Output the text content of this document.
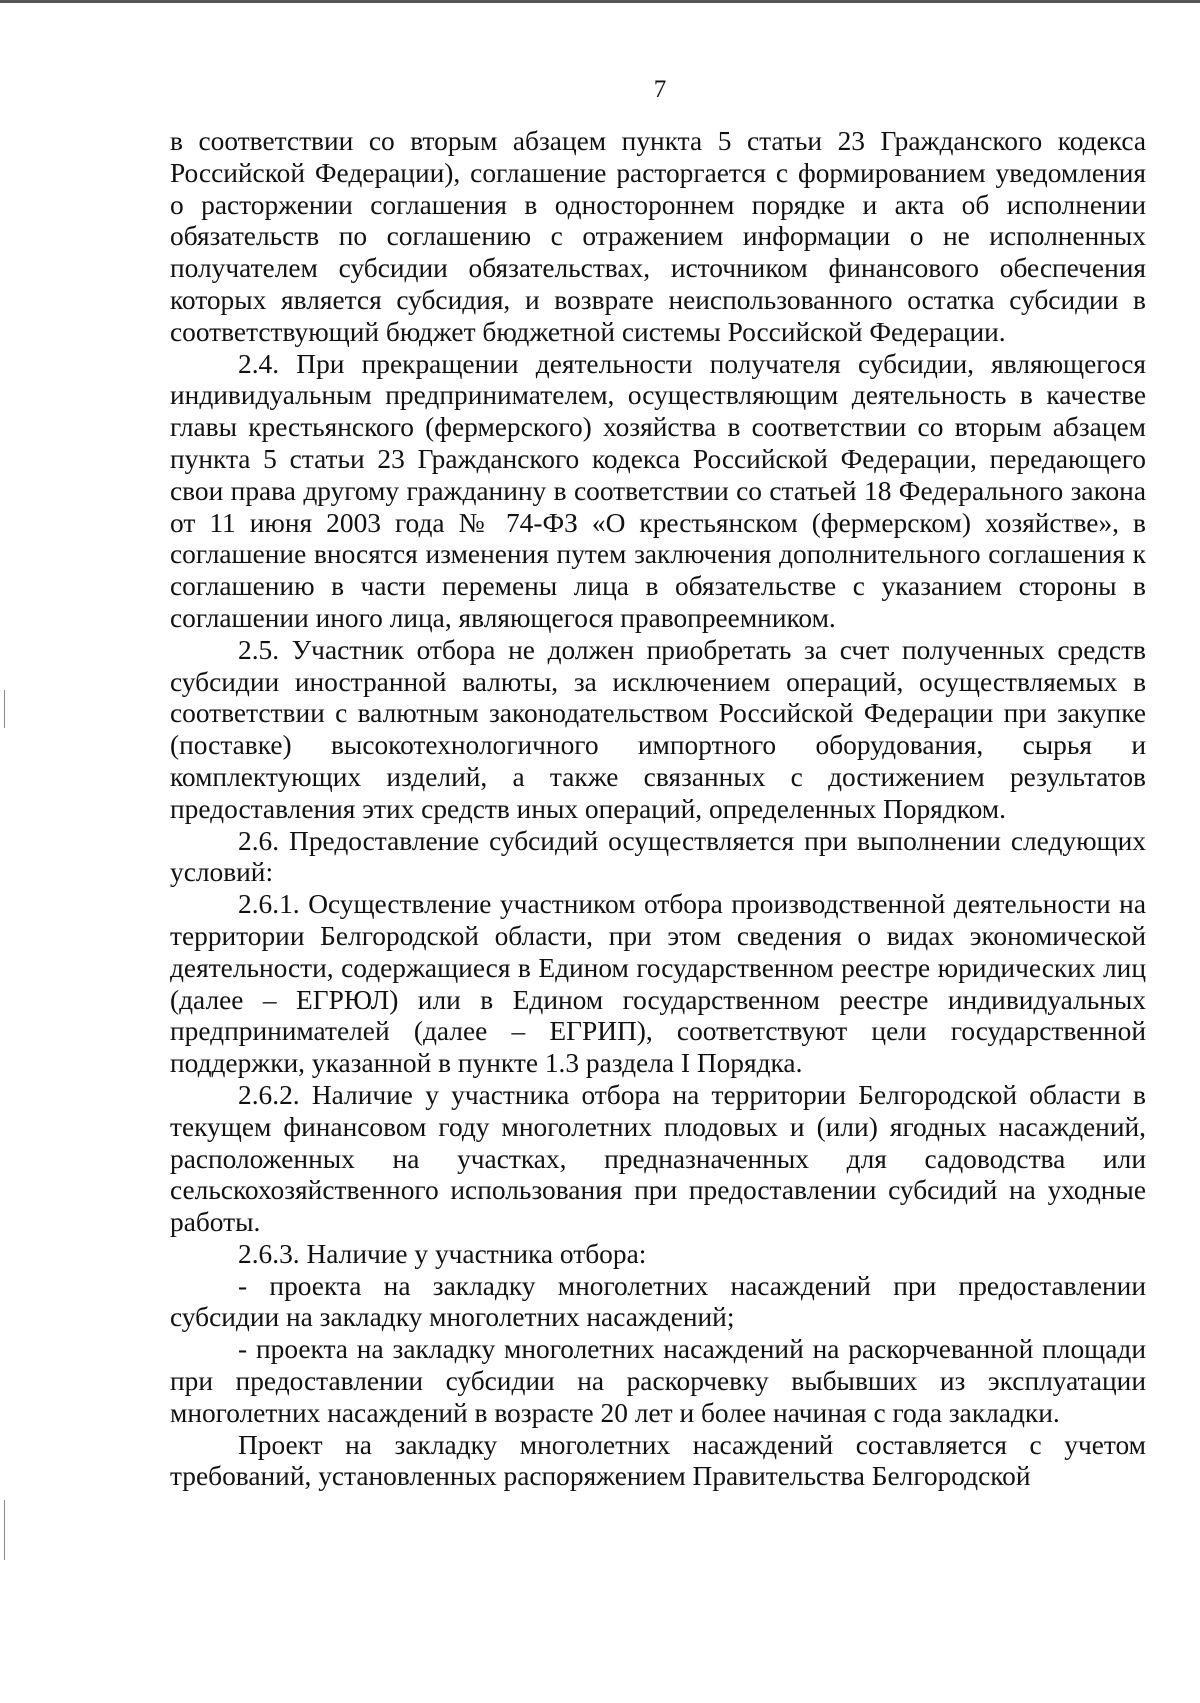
7

в соответствии со вторым абзацем пункта 5 статьи 23 Гражданского кодекса Российской Федерации), соглашение расторгается с формированием уведомления о расторжении соглашения в одностороннем порядке и акта об исполнении обязательств по соглашению с отражением информации о не исполненных получателем субсидии обязательствах, источником финансового обеспечения которых является субсидия, и возврате неиспользованного остатка субсидии в соответствующий бюджет бюджетной системы Российской Федерации.

2.4. При прекращении деятельности получателя субсидии, являющегося индивидуальным предпринимателем, осуществляющим деятельность в качестве главы крестьянского (фермерского) хозяйства в соответствии со вторым абзацем пункта 5 статьи 23 Гражданского кодекса Российской Федерации, передающего свои права другому гражданину в соответствии со статьей 18 Федерального закона от 11 июня 2003 года № 74-ФЗ «О крестьянском (фермерском) хозяйстве», в соглашение вносятся изменения путем заключения дополнительного соглашения к соглашению в части перемены лица в обязательстве с указанием стороны в соглашении иного лица, являющегося правопреемником.

2.5. Участник отбора не должен приобретать за счет полученных средств субсидии иностранной валюты, за исключением операций, осуществляемых в соответствии с валютным законодательством Российской Федерации при закупке (поставке) высокотехнологичного импортного оборудования, сырья и комплектующих изделий, а также связанных с достижением результатов предоставления этих средств иных операций, определенных Порядком.

2.6. Предоставление субсидий осуществляется при выполнении следующих условий:

2.6.1. Осуществление участником отбора производственной деятельности на территории Белгородской области, при этом сведения о видах экономической деятельности, содержащиеся в Едином государственном реестре юридических лиц (далее – ЕГРЮЛ) или в Едином государственном реестре индивидуальных предпринимателей (далее – ЕГРИП), соответствуют цели государственной поддержки, указанной в пункте 1.3 раздела I Порядка.

2.6.2. Наличие у участника отбора на территории Белгородской области в текущем финансовом году многолетних плодовых и (или) ягодных насаждений, расположенных на участках, предназначенных для садоводства или сельскохозяйственного использования при предоставлении субсидий на уходные работы.

2.6.3. Наличие у участника отбора:

- проекта на закладку многолетних насаждений при предоставлении субсидии на закладку многолетних насаждений;

- проекта на закладку многолетних насаждений на раскорчеванной площади при предоставлении субсидии на раскорчевку выбывших из эксплуатации многолетних насаждений в возрасте 20 лет и более начиная с года закладки.

Проект на закладку многолетних насаждений составляется с учетом требований, установленных распоряжением Правительства Белгородской
